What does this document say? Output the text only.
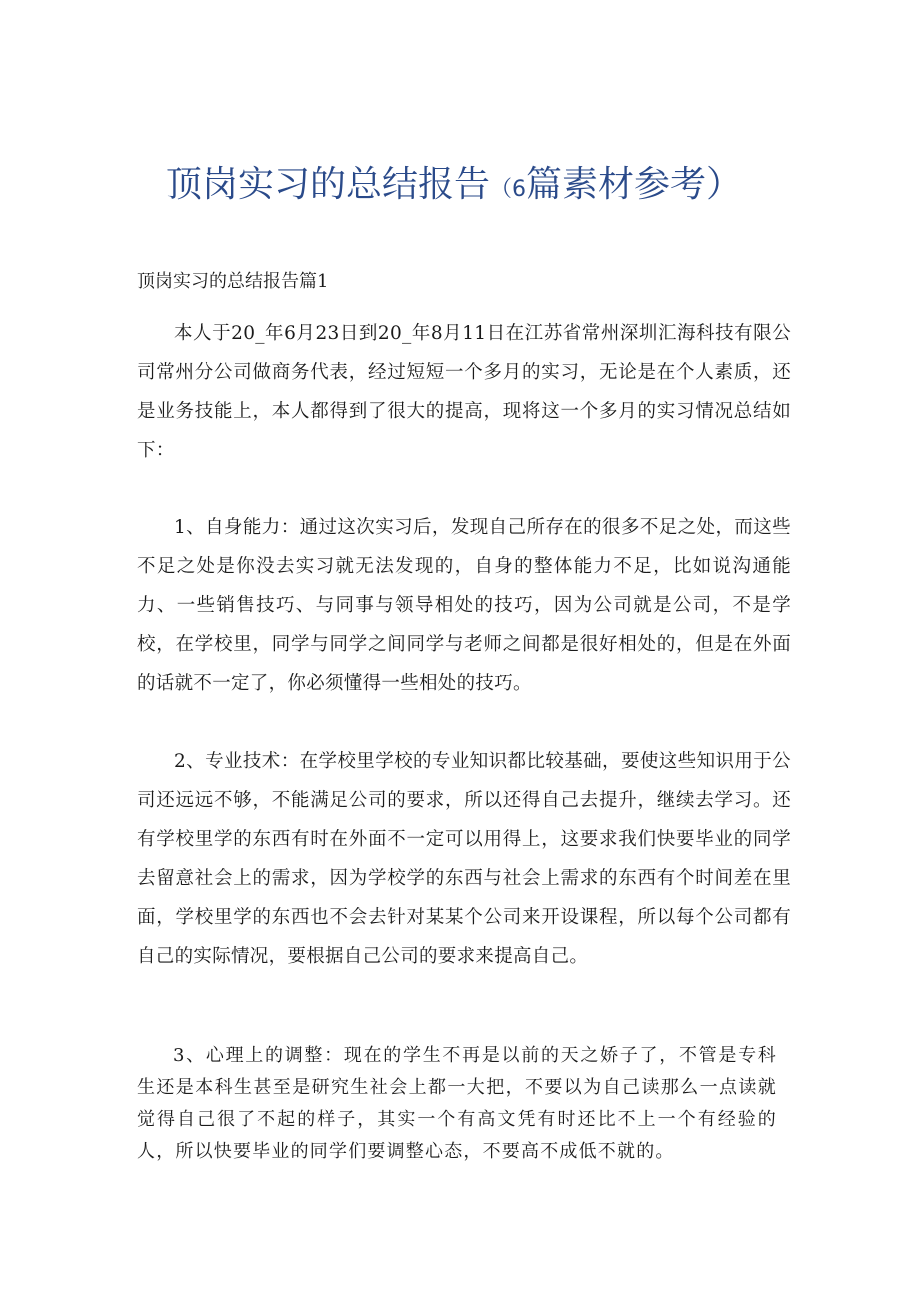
顶岗实习的总结报告（6篇素材参考）

顶岗实习的总结报告篇1

本人于20_年6月23日到20_年8月11日在江苏省常州深圳汇海科技有限公司常州分公司做商务代表，经过短短一个多月的实习，无论是在个人素质，还是业务技能上，本人都得到了很大的提高，现将这一个多月的实习情况总结如下：

1、自身能力：通过这次实习后，发现自己所存在的很多不足之处，而这些不足之处是你没去实习就无法发现的，自身的整体能力不足，比如说沟通能力、一些销售技巧、与同事与领导相处的技巧，因为公司就是公司，不是学校，在学校里，同学与同学之间同学与老师之间都是很好相处的，但是在外面的话就不一定了，你必须懂得一些相处的技巧。

2、专业技术：在学校里学校的专业知识都比较基础，要使这些知识用于公司还远远不够，不能满足公司的要求，所以还得自己去提升，继续去学习。还有学校里学的东西有时在外面不一定可以用得上，这要求我们快要毕业的同学去留意社会上的需求，因为学校学的东西与社会上需求的东西有个时间差在里面，学校里学的东西也不会去针对某某个公司来开设课程，所以每个公司都有自己的实际情况，要根据自己公司的要求来提高自己。

3、心理上的调整：现在的学生不再是以前的天之娇子了，不管是专科生还是本科生甚至是研究生社会上都一大把，不要以为自己读那么一点读就觉得自己很了不起的样子，其实一个有高文凭有时还比不上一个有经验的人，所以快要毕业的同学们要调整心态，不要高不成低不就的。
